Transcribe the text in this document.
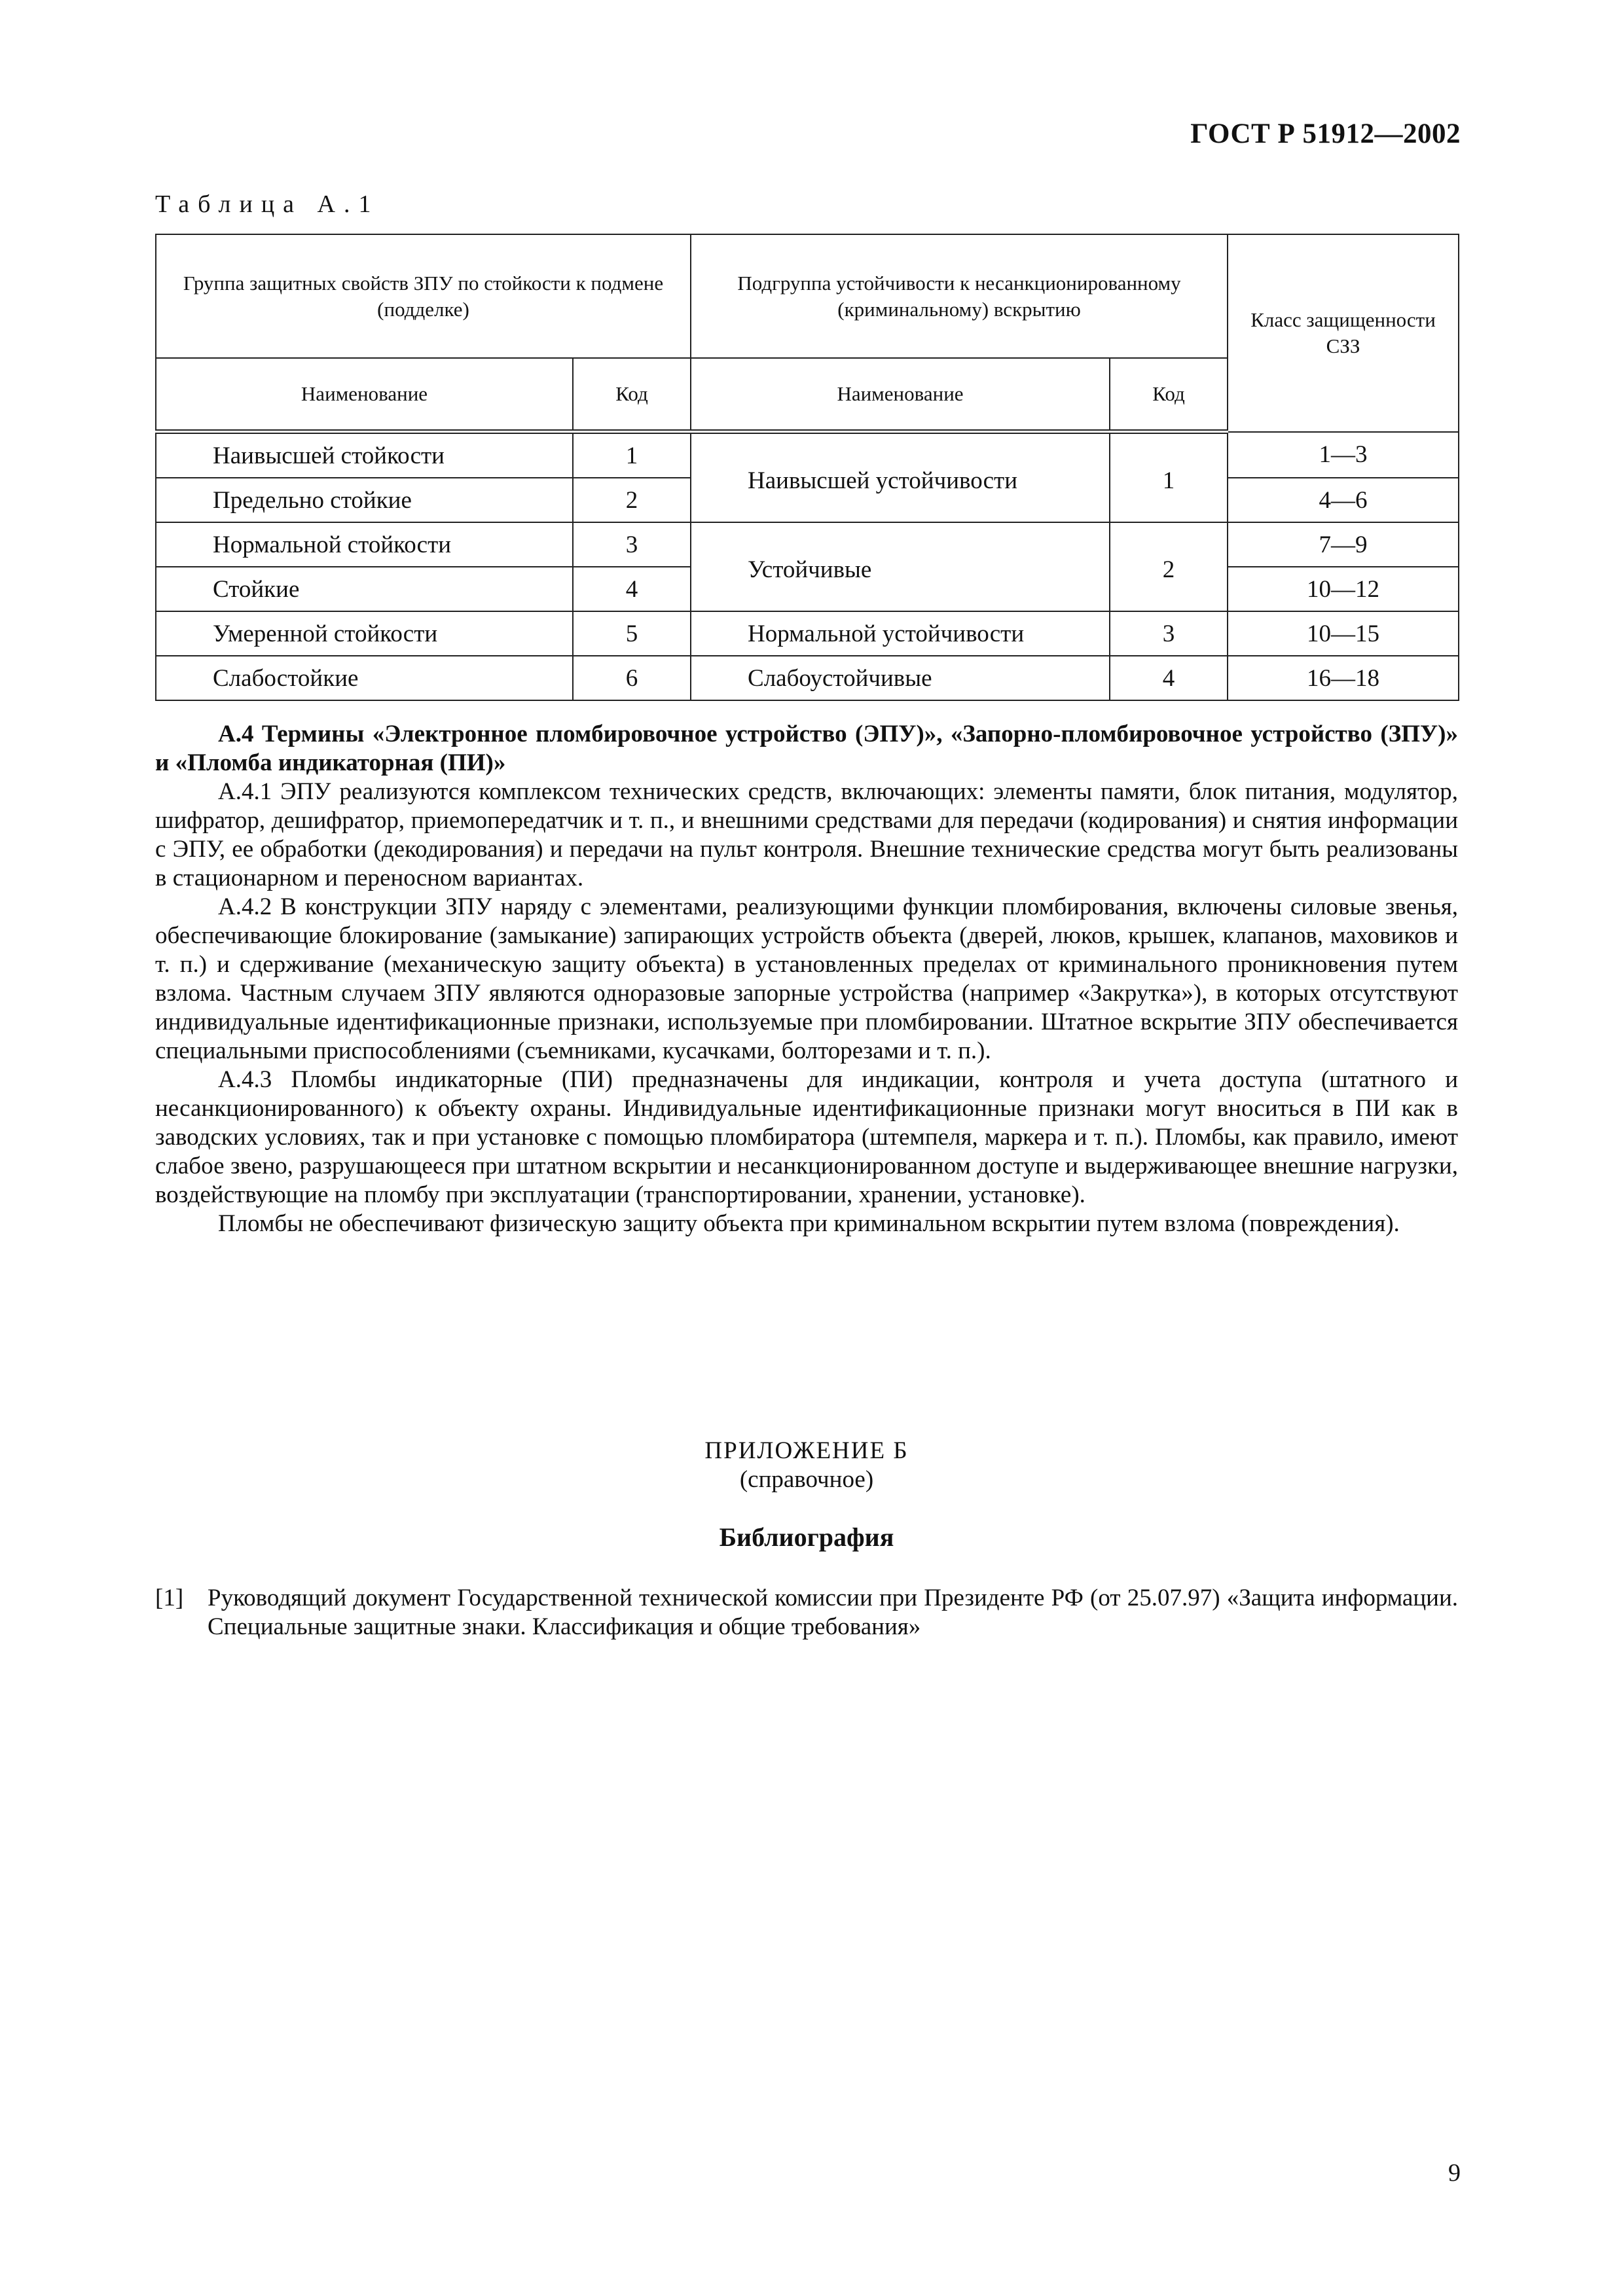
ГОСТ Р 51912—2002
Таблица А.1
Группа защитных свойств ЗПУ по стойкости к подмене (подделке)		Подгруппа устойчивости к несанкционированному (криминальному) вскрытию		Класс защищенности СЗЗ
Наименование	Код	Наименование	Код	
Наивысшей стойкости	1	Наивысшей устойчивости	1	1—3
Предельно стойкие	2			4—6
Нормальной стойкости	3	Устойчивые	2	7—9
Стойкие	4			10—12
Умеренной стойкости	5	Нормальной устойчивости	3	10—15
Слабостойкие	6	Слабоустойчивые	4	16—18

А.4 Термины «Электронное пломбировочное устройство (ЭПУ)», «Запорно-пломбировочное устройство (ЗПУ)» и «Пломба индикаторная (ПИ)»

А.4.1 ЭПУ реализуются комплексом технических средств, включающих: элементы памяти, блок питания, модулятор, шифратор, дешифратор, приемопередатчик и т. п., и внешними средствами для передачи (кодирования) и снятия информации с ЭПУ, ее обработки (декодирования) и передачи на пульт контроля. Внешние технические средства могут быть реализованы в стационарном и переносном вариантах.

А.4.2 В конструкции ЗПУ наряду с элементами, реализующими функции пломбирования, включены силовые звенья, обеспечивающие блокирование (замыкание) запирающих устройств объекта (дверей, люков, крышек, клапанов, маховиков и т. п.) и сдерживание (механическую защиту объекта) в установленных пределах от криминального проникновения путем взлома. Частным случаем ЗПУ являются одноразовые запорные устройства (например «Закрутка»), в которых отсутствуют индивидуальные идентификационные признаки, используемые при пломбировании. Штатное вскрытие ЗПУ обеспечивается специальными приспособлениями (съемниками, кусачками, болторезами и т. п.).

А.4.3 Пломбы индикаторные (ПИ) предназначены для индикации, контроля и учета доступа (штатного и несанкционированного) к объекту охраны. Индивидуальные идентификационные признаки могут вноситься в ПИ как в заводских условиях, так и при установке с помощью пломбиратора (штемпеля, маркера и т. п.). Пломбы, как правило, имеют слабое звено, разрушающееся при штатном вскрытии и несанкционированном доступе и выдерживающее внешние нагрузки, воздействующие на пломбу при эксплуатации (транспортировании, хранении, установке).

Пломбы не обеспечивают физическую защиту объекта при криминальном вскрытии путем взлома (повреждения).

ПРИЛОЖЕНИЕ Б
(справочное)
Библиография
[1] Руководящий документ Государственной технической комиссии при Президенте РФ (от 25.07.97) «Защита информации. Специальные защитные знаки. Классификация и общие требования»
9
